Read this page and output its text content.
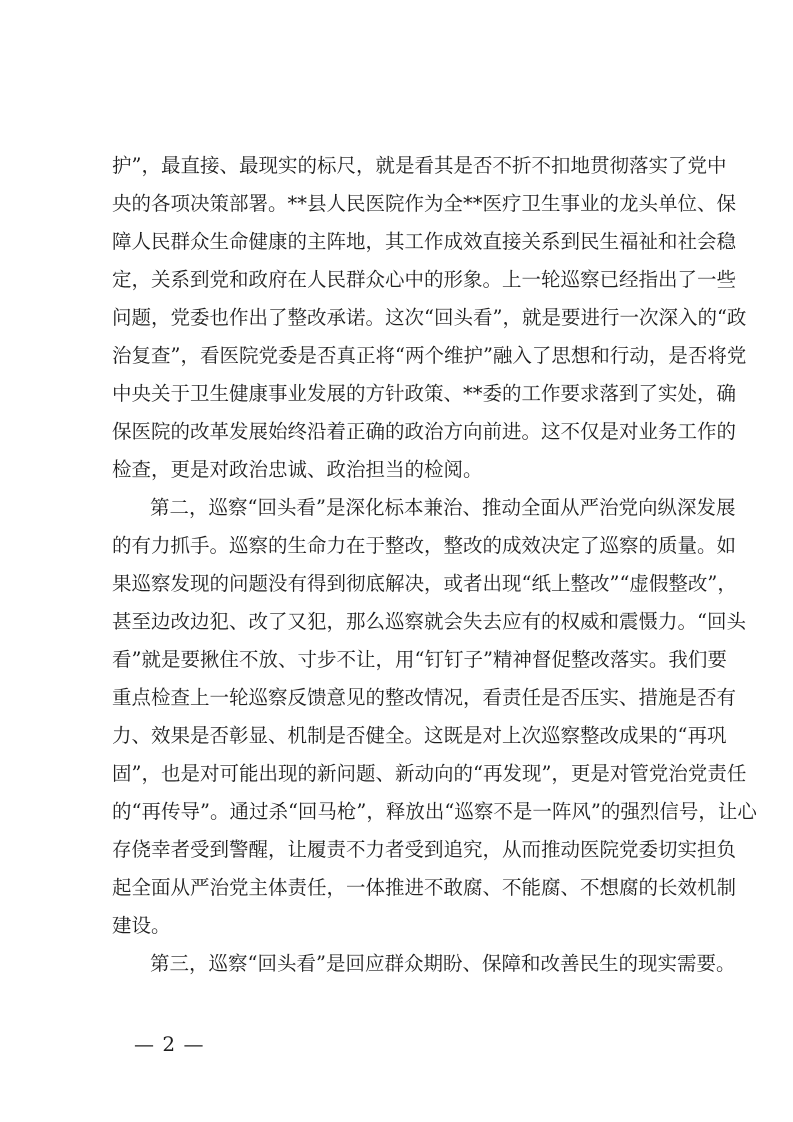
护”，最直接、最现实的标尺，就是看其是否不折不扣地贯彻落实了党中
央的各项决策部署。**县人民医院作为全**医疗卫生事业的龙头单位、保
障人民群众生命健康的主阵地，其工作成效直接关系到民生福祉和社会稳
定，关系到党和政府在人民群众心中的形象。上一轮巡察已经指出了一些
问题，党委也作出了整改承诺。这次“回头看”，就是要进行一次深入的“政
治复查”，看医院党委是否真正将“两个维护”融入了思想和行动，是否将党
中央关于卫生健康事业发展的方针政策、**委的工作要求落到了实处，确
保医院的改革发展始终沿着正确的政治方向前进。这不仅是对业务工作的
检查，更是对政治忠诚、政治担当的检阅。
第二，巡察“回头看”是深化标本兼治、推动全面从严治党向纵深发展
的有力抓手。巡察的生命力在于整改，整改的成效决定了巡察的质量。如
果巡察发现的问题没有得到彻底解决，或者出现“纸上整改”“虚假整改”，
甚至边改边犯、改了又犯，那么巡察就会失去应有的权威和震慑力。“回头
看”就是要揪住不放、寸步不让，用“钉钉子”精神督促整改落实。我们要
重点检查上一轮巡察反馈意见的整改情况，看责任是否压实、措施是否有
力、效果是否彰显、机制是否健全。这既是对上次巡察整改成果的“再巩
固”，也是对可能出现的新问题、新动向的“再发现”，更是对管党治党责任
的“再传导”。通过杀“回马枪”，释放出“巡察不是一阵风”的强烈信号，让心
存侥幸者受到警醒，让履责不力者受到追究，从而推动医院党委切实担负
起全面从严治党主体责任，一体推进不敢腐、不能腐、不想腐的长效机制
建设。
第三，巡察“回头看”是回应群众期盼、保障和改善民生的现实需要。
— 2 —
